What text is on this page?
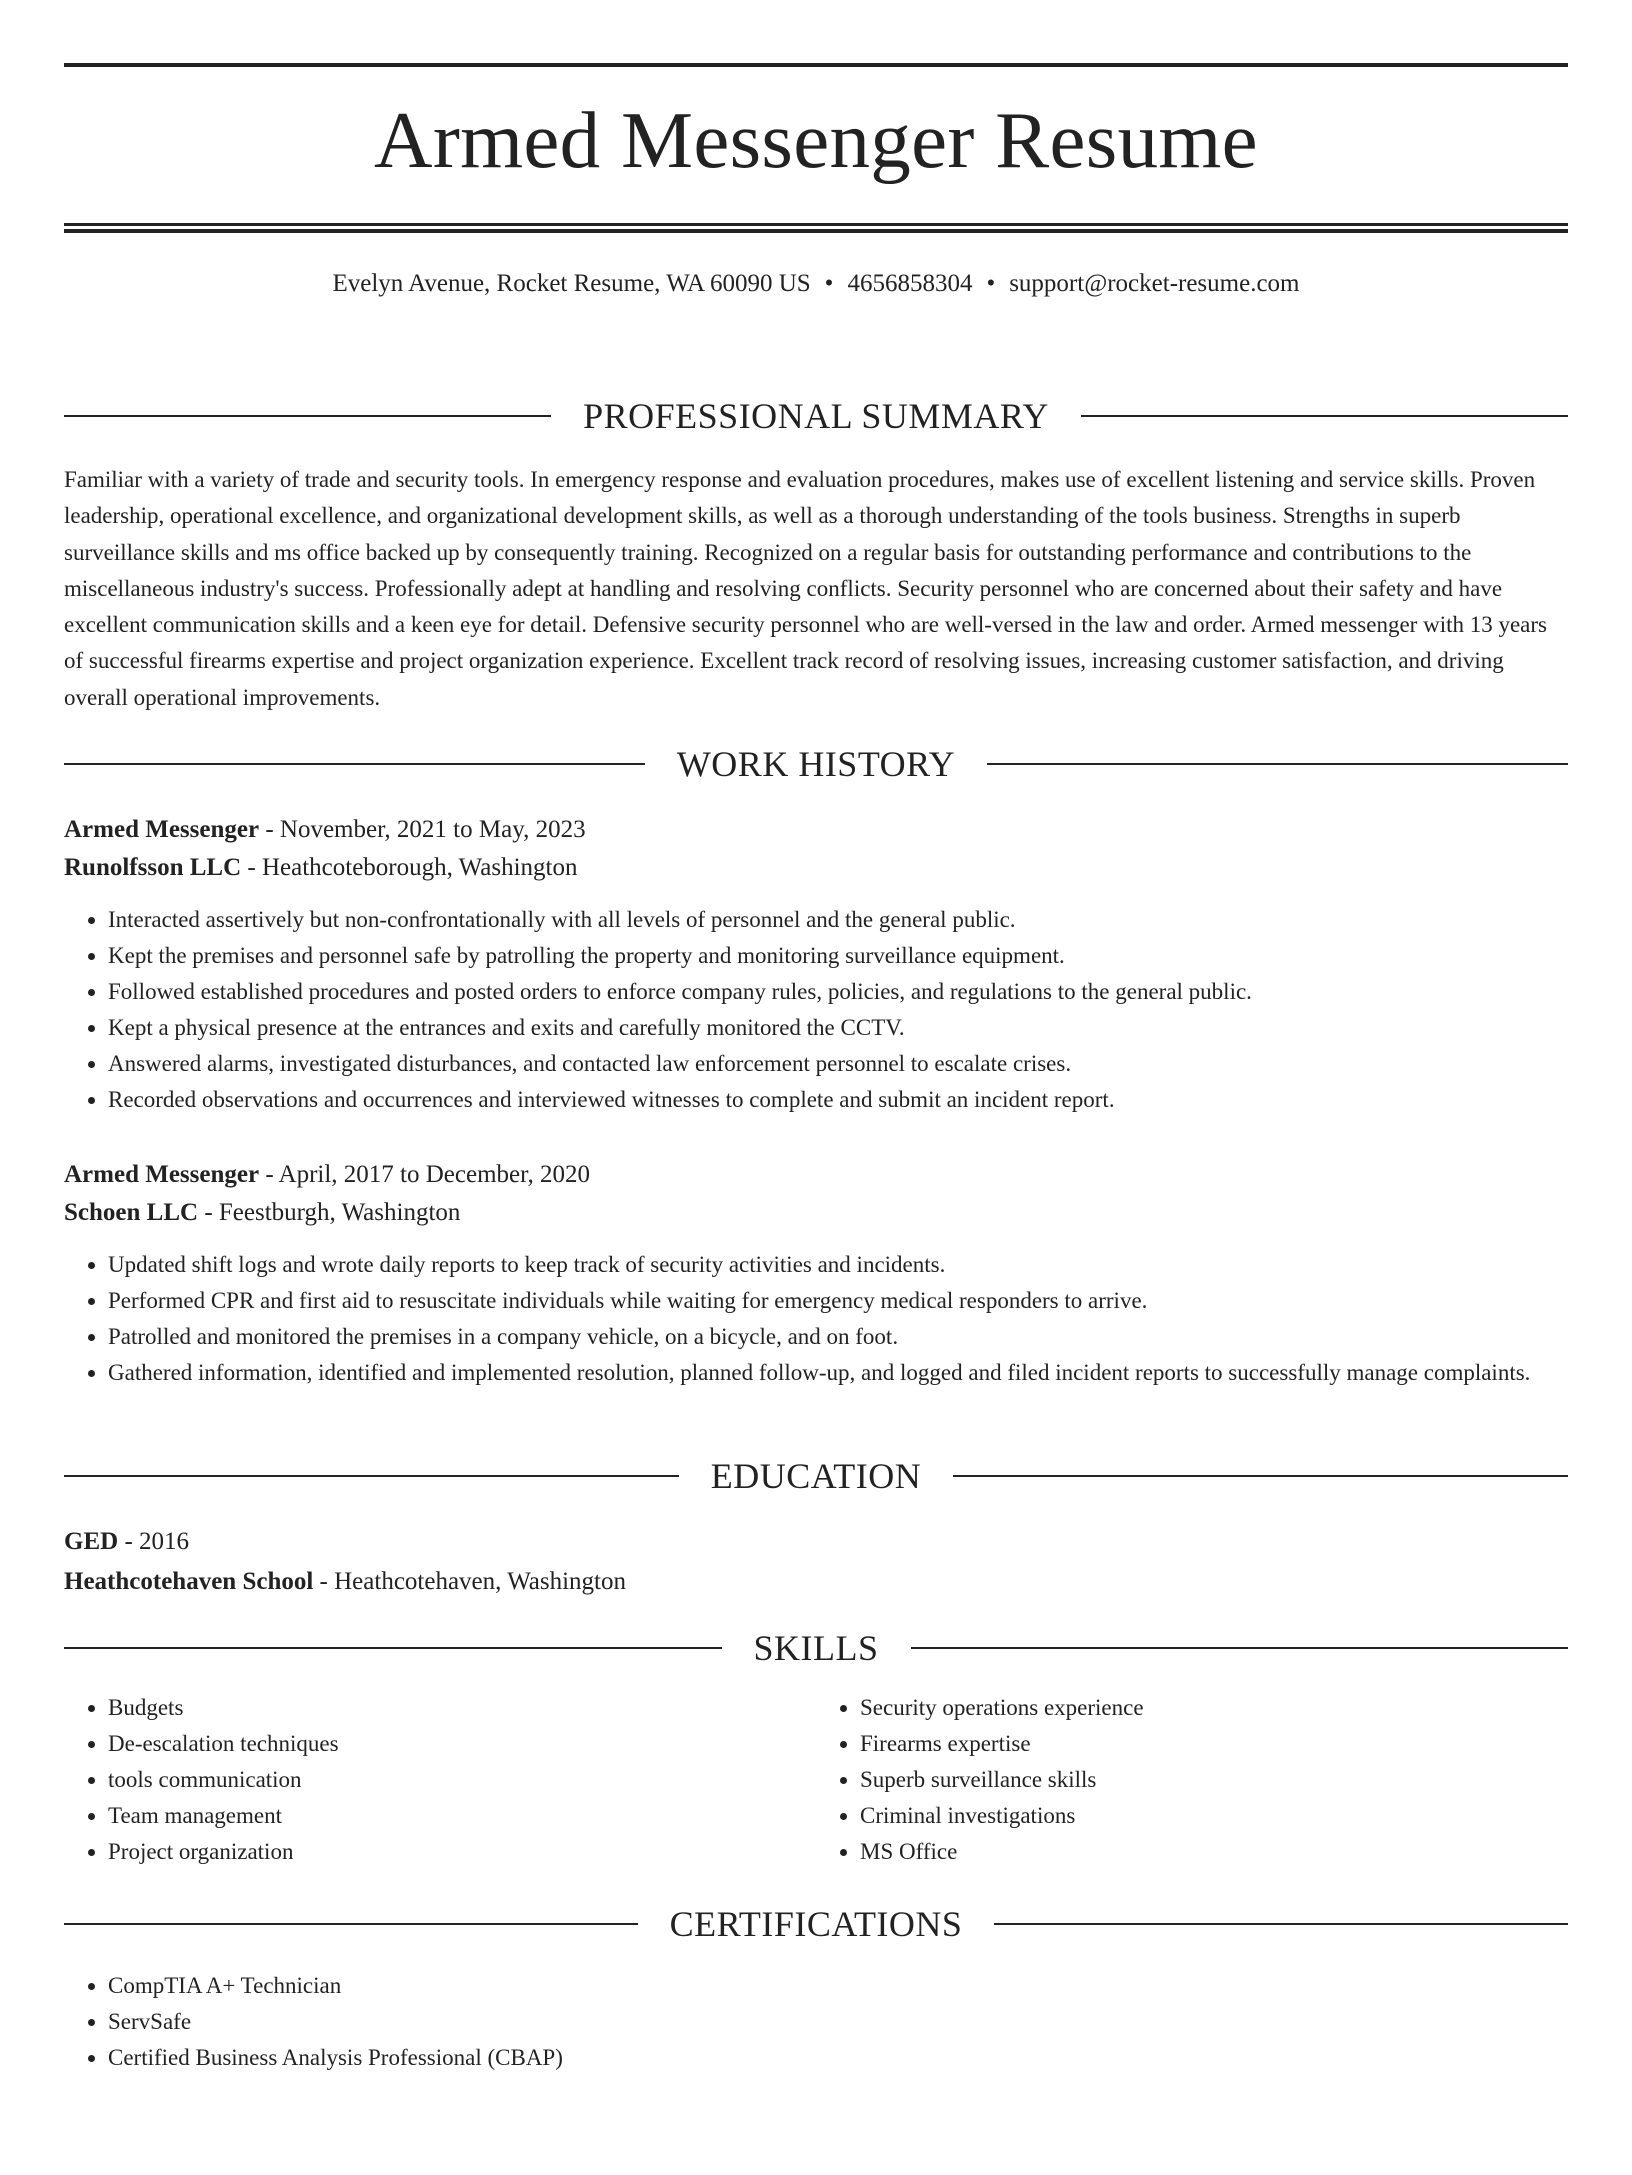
Armed Messenger Resume
Evelyn Avenue, Rocket Resume, WA 60090 US • 4656858304 • support@rocket-resume.com
PROFESSIONAL SUMMARY

Familiar with a variety of trade and security tools. In emergency response and evaluation procedures, makes use of excellent listening and service skills. Proven leadership, operational excellence, and organizational development skills, as well as a thorough understanding of the tools business. Strengths in superb surveillance skills and ms office backed up by consequently training. Recognized on a regular basis for outstanding performance and contributions to the miscellaneous industry's success. Professionally adept at handling and resolving conflicts. Security personnel who are concerned about their safety and have excellent communication skills and a keen eye for detail. Defensive security personnel who are well-versed in the law and order. Armed messenger with 13 years of successful firearms expertise and project organization experience. Excellent track record of resolving issues, increasing customer satisfaction, and driving overall operational improvements.

WORK HISTORY
Armed Messenger - November, 2021 to May, 2023
Runolfsson LLC - Heathcoteborough, Washington
• Interacted assertively but non-confrontationally with all levels of personnel and the general public.
• Kept the premises and personnel safe by patrolling the property and monitoring surveillance equipment.
• Followed established procedures and posted orders to enforce company rules, policies, and regulations to the general public.
• Kept a physical presence at the entrances and exits and carefully monitored the CCTV.
• Answered alarms, investigated disturbances, and contacted law enforcement personnel to escalate crises.
• Recorded observations and occurrences and interviewed witnesses to complete and submit an incident report.
Armed Messenger - April, 2017 to December, 2020
Schoen LLC - Feestburgh, Washington
• Updated shift logs and wrote daily reports to keep track of security activities and incidents.
• Performed CPR and first aid to resuscitate individuals while waiting for emergency medical responders to arrive.
• Patrolled and monitored the premises in a company vehicle, on a bicycle, and on foot.
• Gathered information, identified and implemented resolution, planned follow-up, and logged and filed incident reports to successfully manage complaints.
EDUCATION
GED - 2016
Heathcotehaven School - Heathcotehaven, Washington
SKILLS
• Budgets
• De-escalation techniques
• tools communication
• Team management
• Project organization
• Security operations experience
• Firearms expertise
• Superb surveillance skills
• Criminal investigations
• MS Office
CERTIFICATIONS
• CompTIA A+ Technician
• ServSafe
• Certified Business Analysis Professional (CBAP)
